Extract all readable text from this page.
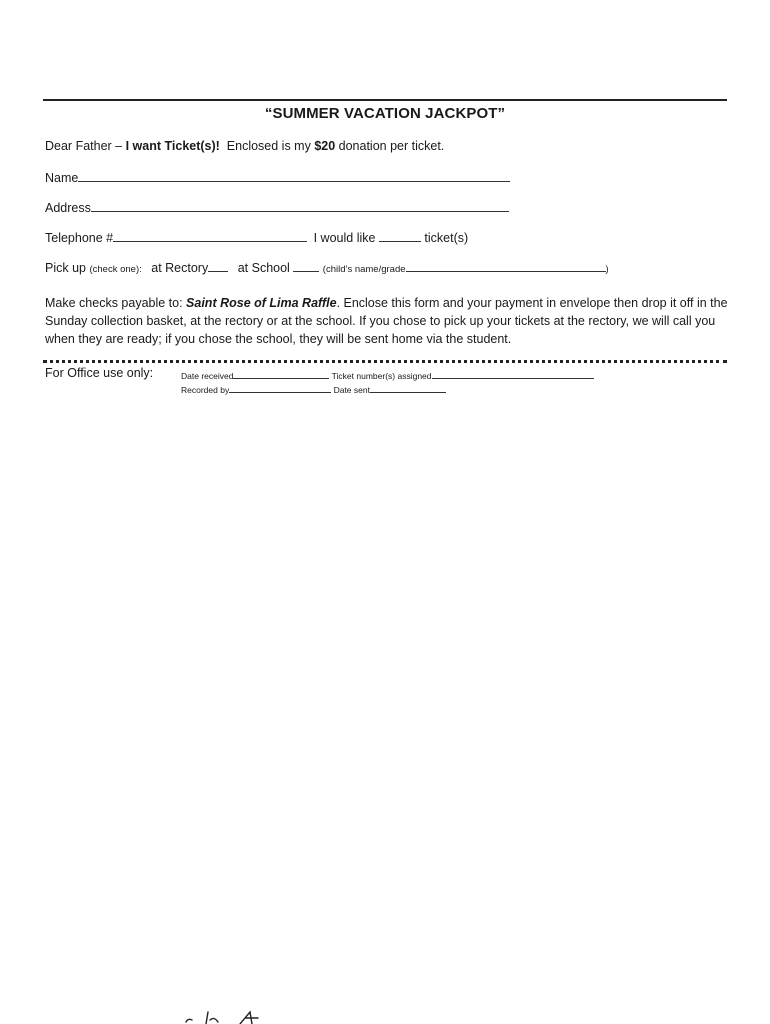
“SUMMER VACATION JACKPOT”
Dear Father – I want Ticket(s)!  Enclosed is my $20 donation per ticket.
Name
Address
Telephone #	I would like	ticket(s)
Pick up (check one): at Rectory at School	(child’s name/grade	)
Make checks payable to: Saint Rose of Lima Raffle. Enclose this form and your payment in envelope then drop it off in the Sunday collection basket, at the rectory or at the school. If you chose to pick up your tickets at the rectory, we will call you when they are ready; if you chose the school, they will be sent home via the student.
For Office use only:	Date received	Ticket number(s) assigned
Recorded by	Date sent
